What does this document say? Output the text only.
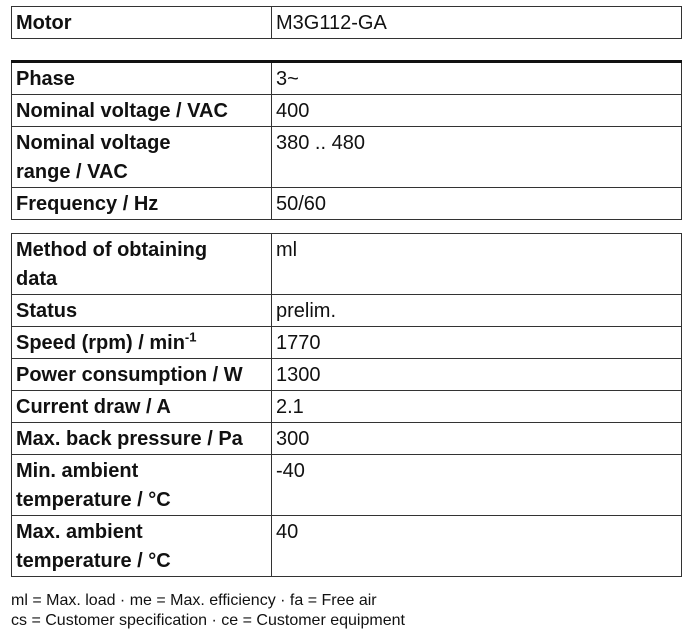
Motor	M3G112-GA
Phase	3~
Nominal voltage / VAC	400
Nominal voltage
range / VAC	380 .. 480
Frequency / Hz	50/60
Method of obtaining
data	ml
Status	prelim.
Speed $(rpm) / \min^{-1}$	1770
Power consumption / W	1300
Current draw / A	2.1
Max. back pressure / Pa	300
Min. ambient
temperature / °C	-40
Max. ambient
temperature / °C	40
ml = Max. load · me = Max. efficiency · fa = Free air
cs = Customer specification · ce = Customer equipment
